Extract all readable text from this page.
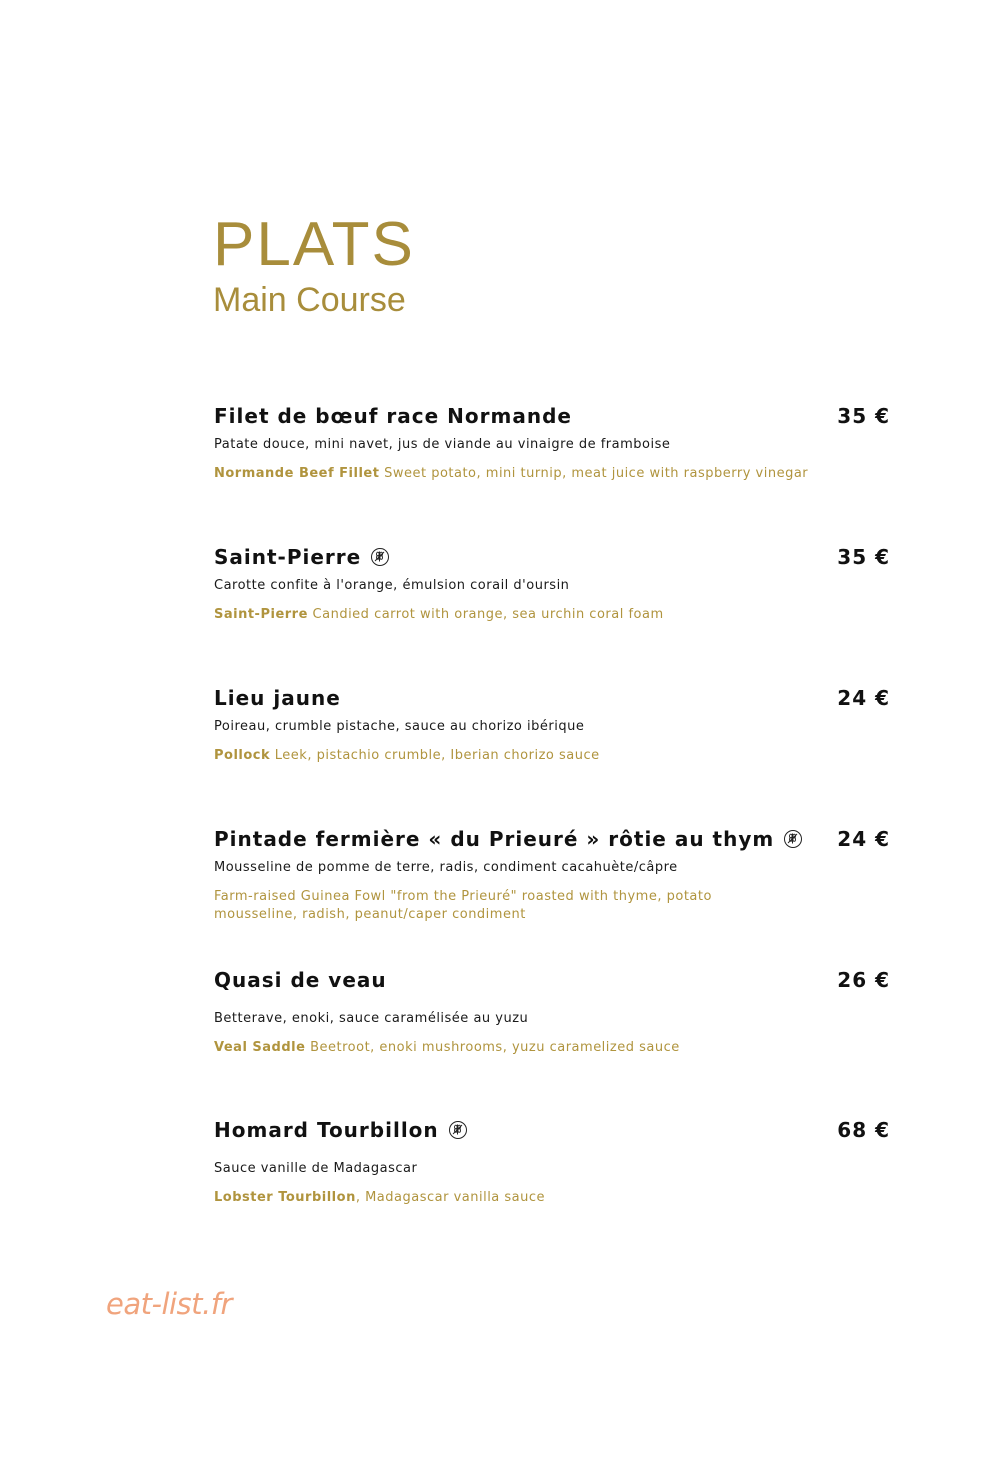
PLATS
Main Course
Filet de bœuf race Normande	35 €
Patate douce, mini navet, jus de viande au vinaigre de framboise
Normande Beef Fillet Sweet potato, mini turnip, meat juice with raspberry vinegar
Saint-Pierre	35 €
Carotte confite à l'orange, émulsion corail d'oursin
Saint-Pierre Candied carrot with orange, sea urchin coral foam
Lieu jaune	24 €
Poireau, crumble pistache, sauce au chorizo ibérique
Pollock Leek, pistachio crumble, Iberian chorizo sauce
Pintade fermière « du Prieuré » rôtie au thym	24 €
Mousseline de pomme de terre, radis, condiment cacahuète/câpre
Farm-raised Guinea Fowl "from the Prieuré" roasted with thyme, potato mousseline, radish, peanut/caper condiment
Quasi de veau	26 €
Betterave, enoki, sauce caramélisée au yuzu
Veal Saddle Beetroot, enoki mushrooms, yuzu caramelized sauce
Homard Tourbillon	68 €
Sauce vanille de Madagascar
Lobster Tourbillon, Madagascar vanilla sauce
eat-list.fr
